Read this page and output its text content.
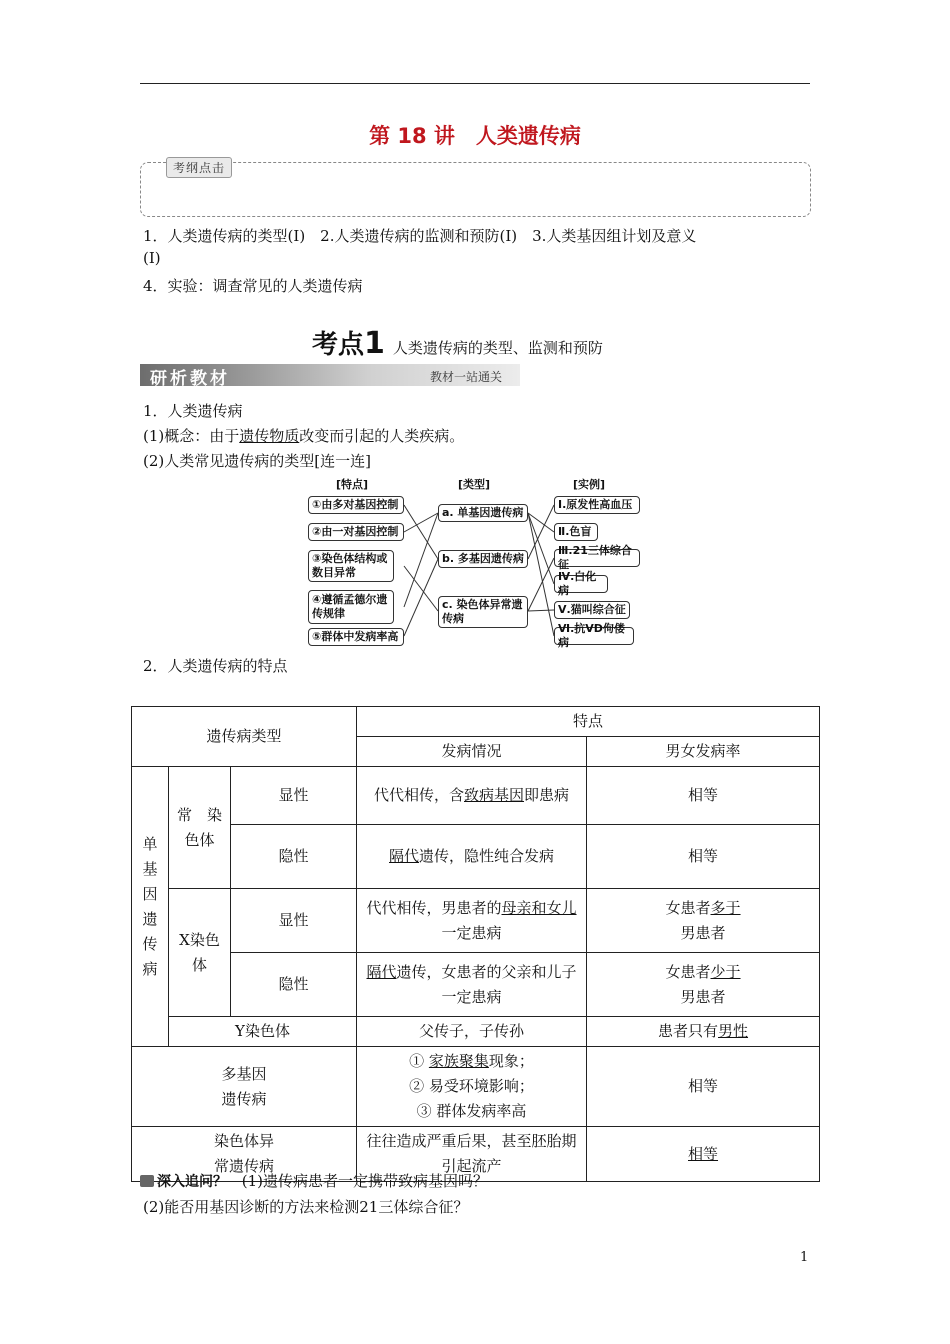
第 18 讲　人类遗传病
考纲点击
1．人类遗传病的类型(Ⅰ)　2.人类遗传病的监测和预防(Ⅰ)　3.人类基因组计划及意义
(Ⅰ)
4．实验：调查常见的人类遗传病
考点1 人类遗传病的类型、监测和预防
研析教材	教材一站通关
1．人类遗传病
(1)概念：由于遗传物质改变而引起的人类疾病。
(2)人类常见遗传病的类型[连一连]
[特点]	[类型]	[实例]
①由多对基因控制
②由一对基因控制
③染色体结构或数目异常
④遵循孟德尔遗传规律
⑤群体中发病率高
a. 单基因遗传病
b. 多基因遗传病
c. 染色体异常遗传病
Ⅰ.原发性高血压
Ⅱ.色盲
Ⅲ.21三体综合征
Ⅳ.白化病
Ⅴ.猫叫综合征
Ⅵ.抗VD佝偻病
2．人类遗传病的特点
遗传病类型			特点	
			发病情况	男女发病率
单基因遗传病	常　染色体	显性	代代相传，含致病基因即患病	相等
		隐性	隔代遗传，隐性纯合发病	相等
	X染色体	显性	代代相传，男患者的母亲和女儿一定患病	女患者多于
男患者
		隐性	隔代遗传，女患者的父亲和儿子一定患病	女患者少于
男患者
	Y染色体		父传子，子传孙	患者只有男性
多基因
遗传病			① 家族聚集现象；
② 易受环境影响；
③ 群体发病率高	相等
染色体异
常遗传病			往往造成严重后果，甚至胚胎期引起流产	相等
深入追问？ (1)遗传病患者一定携带致病基因吗？
(2)能否用基因诊断的方法来检测21三体综合征？
1
